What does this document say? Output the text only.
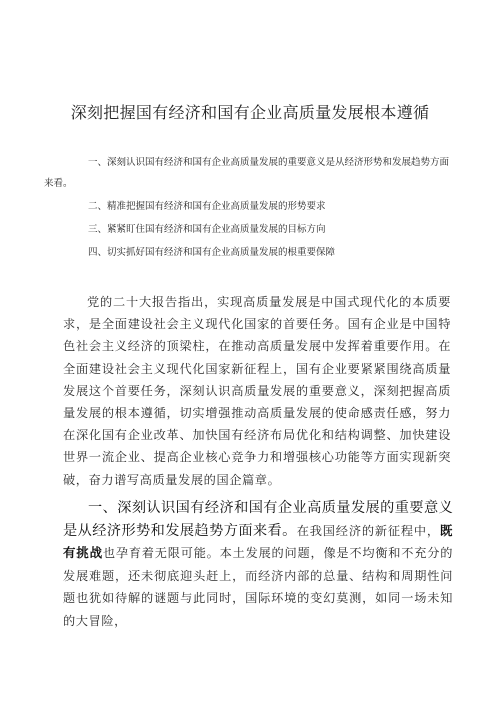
深刻把握国有经济和国有企业高质量发展根本遵循
一、深刻认识国有经济和国有企业高质量发展的重要意义是从经济形势和发展趋势方面来看。
二、精准把握国有经济和国有企业高质量发展的形势要求
三、紧紧盯住国有经济和国有企业高质量发展的目标方向
四、切实抓好国有经济和国有企业高质量发展的根重要保障
党的二十大报告指出，实现高质量发展是中国式现代化的本质要求，是全面建设社会主义现代化国家的首要任务。国有企业是中国特色社会主义经济的顶梁柱，在推动高质量发展中发挥着重要作用。在全面建设社会主义现代化国家新征程上，国有企业要紧紧围绕高质量发展这个首要任务，深刻认识高质量发展的重要意义，深刻把握高质量发展的根本遵循，切实增强推动高质量发展的使命感责任感，努力在深化国有企业改革、加快国有经济布局优化和结构调整、加快建设世界一流企业、提高企业核心竞争力和增强核心功能等方面实现新突破，奋力谱写高质量发展的国企篇章。
一、深刻认识国有经济和国有企业高质量发展的重要意义是从经济形势和发展趋势方面来看。在我国经济的新征程中，既有挑战也孕育着无限可能。本土发展的问题，像是不均衡和不充分的发展难题，还未彻底迎头赶上，而经济内部的总量、结构和周期性问题也犹如待解的谜题与此同时，国际环境的变幻莫测，如同一场未知的大冒险，
